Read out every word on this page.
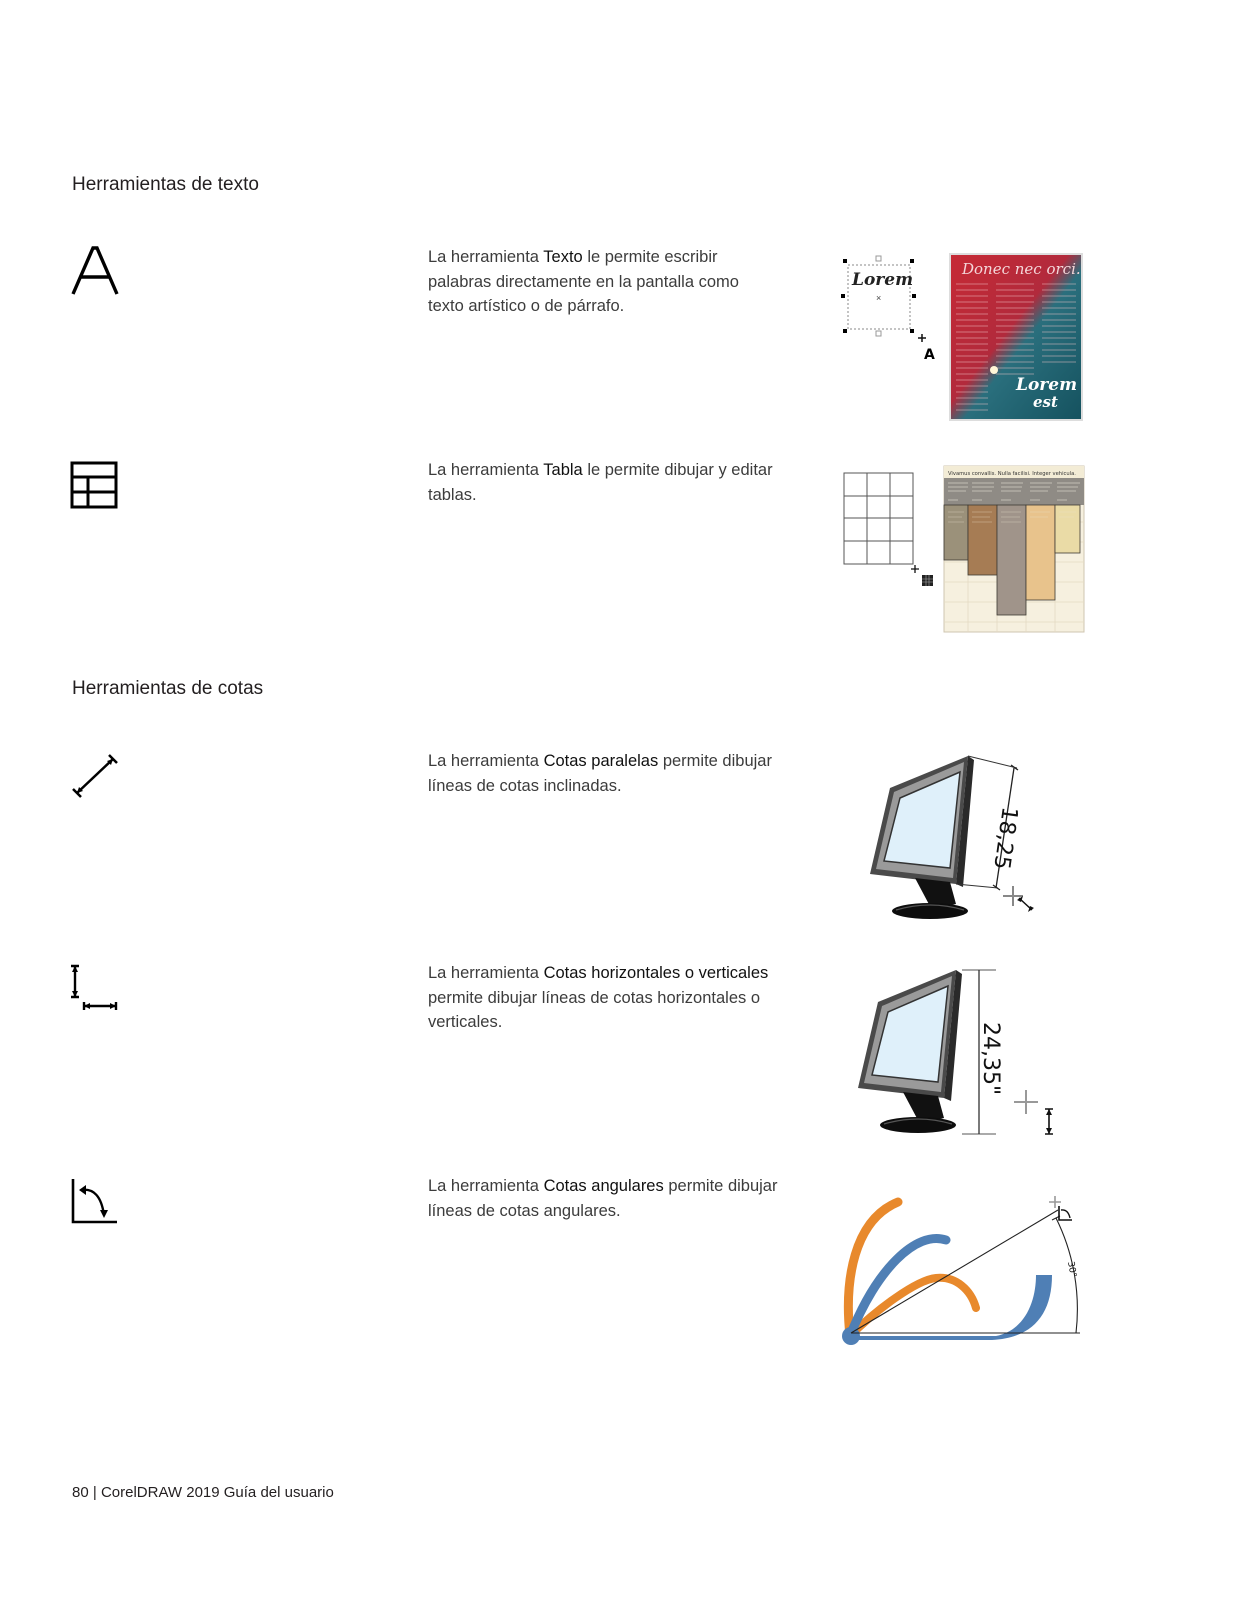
Herramientas de texto

La herramienta Texto le permite escribir palabras directamente en la pantalla como texto artístico o de párrafo.

Lorem
×
A
Donec nec orci.
Lorem
est

La herramienta Tabla le permite dibujar y editar tablas.

Vivamus convallis. Nulla facilisi. Integer vehicula.
Herramientas de cotas

La herramienta Cotas paralelas permite dibujar líneas de cotas inclinadas.

18,25

La herramienta Cotas horizontales o verticales permite dibujar líneas de cotas horizontales o verticales.	24,35"

La herramienta Cotas angulares permite dibujar líneas de cotas angulares.

30°

80 | CorelDRAW 2019 Guía del usuario
